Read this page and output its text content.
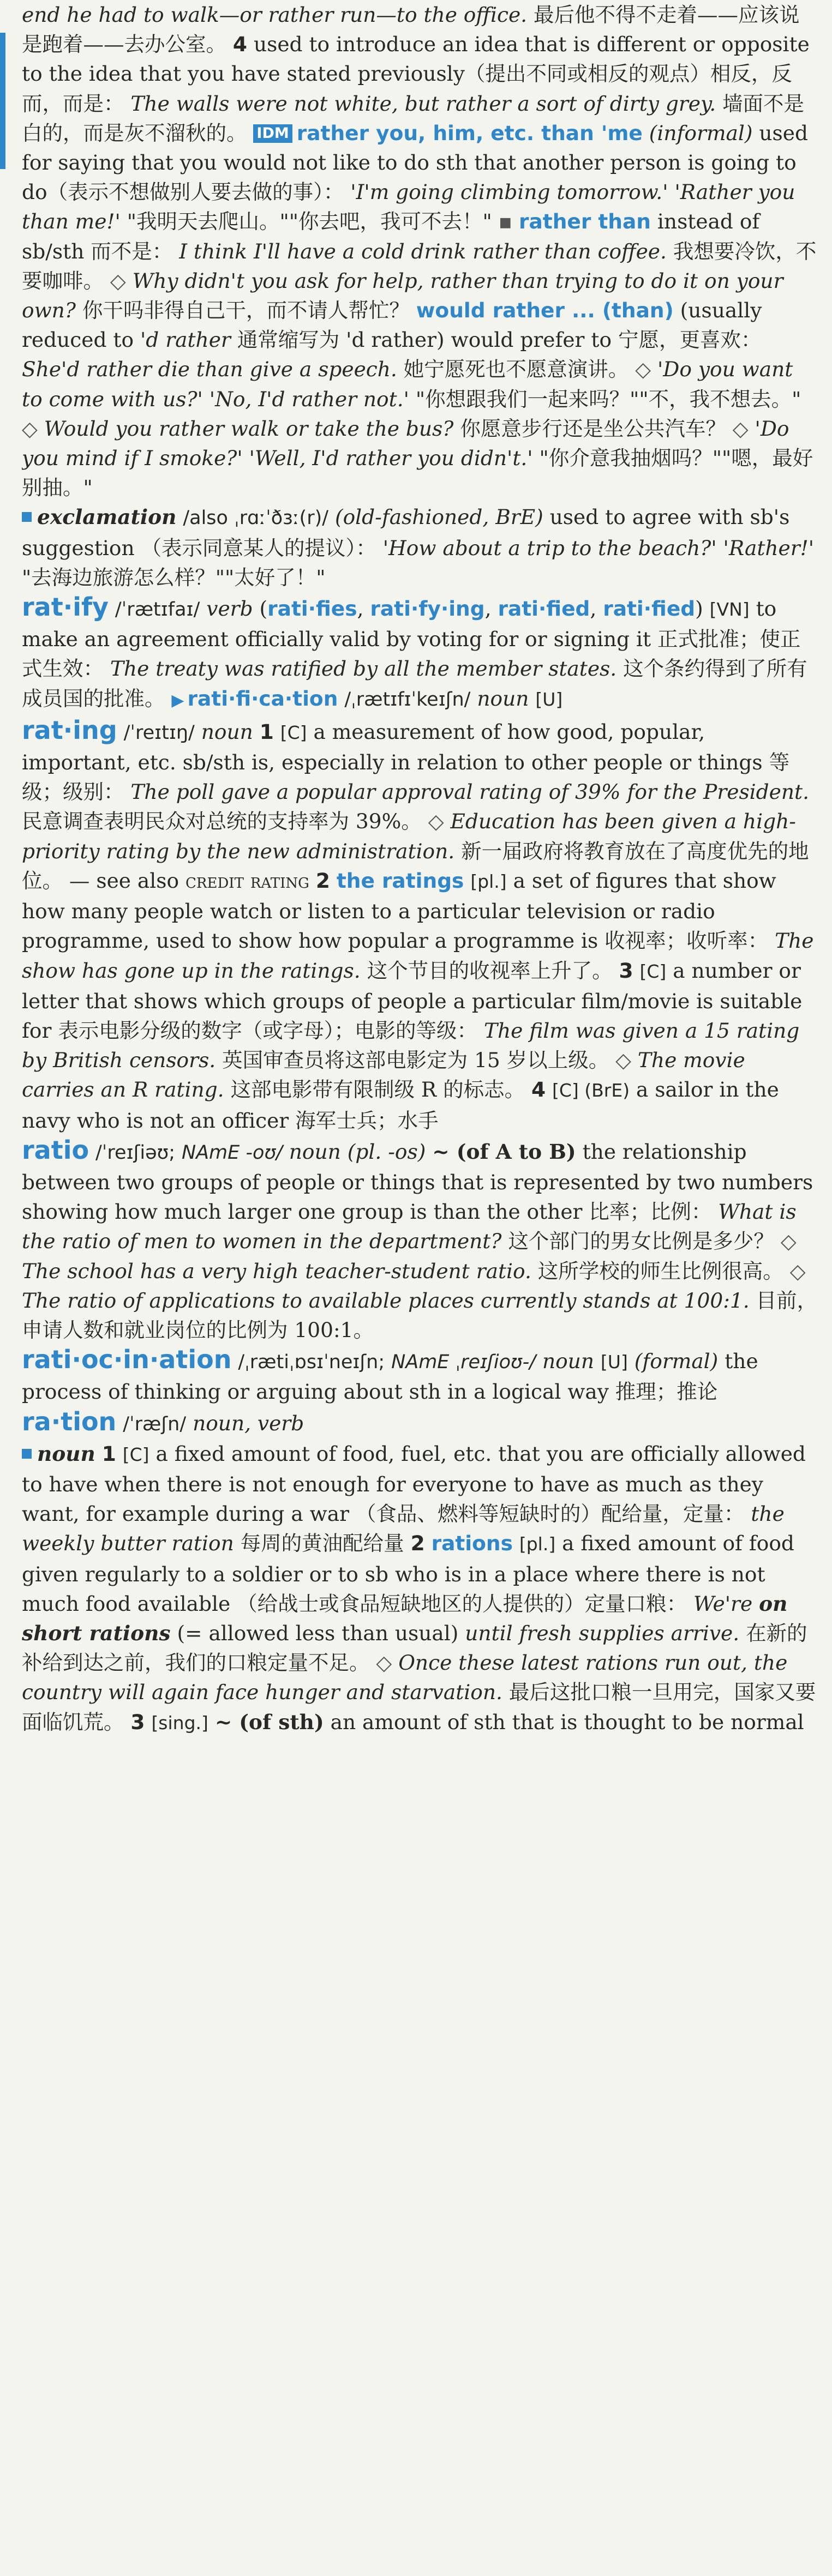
end he had to walk—or rather run—to the office. 最后他不得不走着——应该说是跑着——去办公室。 4 used to introduce an idea that is different or opposite to the idea that you have stated previously（提出不同或相反的观点）相反，反而，而是： The walls were not white, but rather a sort of dirty grey. 墙面不是白的，而是灰不溜秋的。 IDM rather you, him, etc. than 'me (informal) used for saying that you would not like to do sth that another person is going to do（表示不想做别人要去做的事）： 'I'm going climbing tomorrow.' 'Rather you than me!' "我明天去爬山。""你去吧，我可不去！" ▪ rather than instead of sb/sth 而不是： I think I'll have a cold drink rather than coffee. 我想要冷饮，不要咖啡。 ◇ Why didn't you ask for help, rather than trying to do it on your own? 你干吗非得自己干，而不请人帮忙？ would rather ... (than) (usually reduced to 'd rather 通常缩写为 'd rather) would prefer to 宁愿，更喜欢： She'd rather die than give a speech. 她宁愿死也不愿意演讲。 ◇ 'Do you want to come with us?' 'No, I'd rather not.' "你想跟我们一起来吗？""不，我不想去。" ◇ Would you rather walk or take the bus? 你愿意步行还是坐公共汽车？ ◇ 'Do you mind if I smoke?' 'Well, I'd rather you didn't.' "你介意我抽烟吗？""嗯，最好别抽。"

exclamation /also ˌrɑːˈðɜː(r)/ (old-fashioned, BrE) used to agree with sb's suggestion （表示同意某人的提议）： 'How about a trip to the beach?' 'Rather!' "去海边旅游怎么样？""太好了！"

rat·ify /ˈrætɪfaɪ/ verb (rati·fies, rati·fy·ing, rati·fied, rati·fied) [VN] to make an agreement officially valid by voting for or signing it 正式批准；使正式生效： The treaty was ratified by all the member states. 这个条约得到了所有成员国的批准。 ▶ rati·fi·ca·tion /ˌrætɪfɪˈkeɪʃn/ noun [U]

rat·ing /ˈreɪtɪŋ/ noun 1 [C] a measurement of how good, popular, important, etc. sb/sth is, especially in relation to other people or things 等级；级别： The poll gave a popular approval rating of 39% for the President. 民意调查表明民众对总统的支持率为 39%。 ◇ Education has been given a high-priority rating by the new administration. 新一届政府将教育放在了高度优先的地位。 — see also credit rating 2 the ratings [pl.] a set of figures that show how many people watch or listen to a particular television or radio programme, used to show how popular a programme is 收视率；收听率： The show has gone up in the ratings. 这个节目的收视率上升了。 3 [C] a number or letter that shows which groups of people a particular film/movie is suitable for 表示电影分级的数字（或字母）；电影的等级： The film was given a 15 rating by British censors. 英国审查员将这部电影定为 15 岁以上级。 ◇ The movie carries an R rating. 这部电影带有限制级 R 的标志。 4 [C] (BrE) a sailor in the navy who is not an officer 海军士兵；水手

ratio /ˈreɪʃiəʊ; NAmE -oʊ/ noun (pl. -os) ~ (of A to B) the relationship between two groups of people or things that is represented by two numbers showing how much larger one group is than the other 比率；比例： What is the ratio of men to women in the department? 这个部门的男女比例是多少？ ◇ The school has a very high teacher-student ratio. 这所学校的师生比例很高。 ◇ The ratio of applications to available places currently stands at 100:1. 目前，申请人数和就业岗位的比例为 100:1。

rati·oc·in·ation /ˌrætiˌɒsɪˈneɪʃn; NAmE ˌreɪʃioʊ-/ noun [U] (formal) the process of thinking or arguing about sth in a logical way 推理；推论

ra·tion /ˈræʃn/ noun, verb

noun 1 [C] a fixed amount of food, fuel, etc. that you are officially allowed to have when there is not enough for everyone to have as much as they want, for example during a war （食品、燃料等短缺时的）配给量，定量： the weekly butter ration 每周的黄油配给量 2 rations [pl.] a fixed amount of food given regularly to a soldier or to sb who is in a place where there is not much food available （给战士或食品短缺地区的人提供的）定量口粮： We're on short rations (= allowed less than usual) until fresh supplies arrive. 在新的补给到达之前，我们的口粮定量不足。 ◇ Once these latest rations run out, the country will again face hunger and starvation. 最后这批口粮一旦用完，国家又要面临饥荒。 3 [sing.] ~ (of sth) an amount of sth that is thought to be normal
